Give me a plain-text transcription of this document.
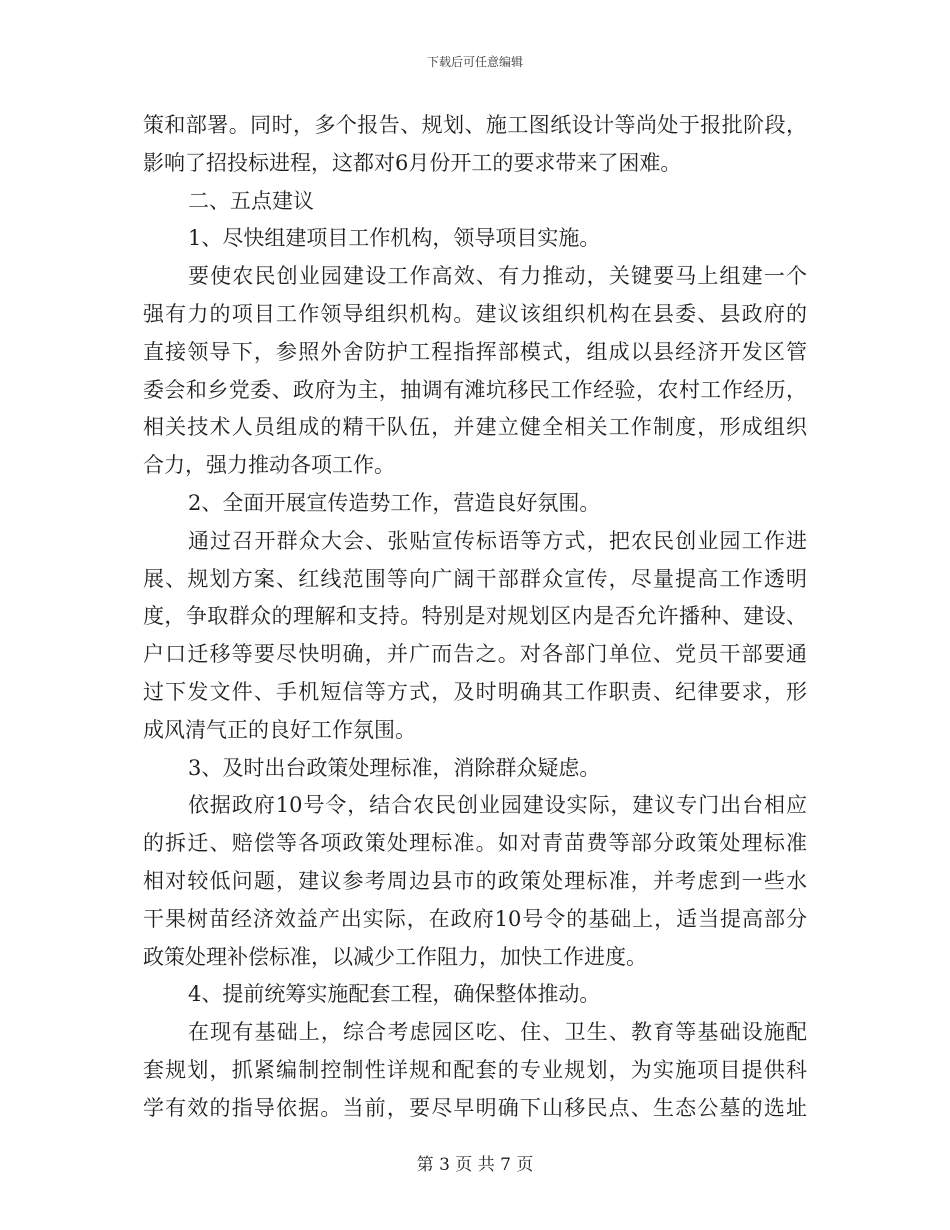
下载后可任意编辑
策和部署。同时，多个报告、规划、施工图纸设计等尚处于报批阶段，
影响了招投标进程，这都对6月份开工的要求带来了困难。
二、五点建议
1、尽快组建项目工作机构，领导项目实施。
要使农民创业园建设工作高效、有力推动，关键要马上组建一个
强有力的项目工作领导组织机构。建议该组织机构在县委、县政府的
直接领导下，参照外舍防护工程指挥部模式，组成以县经济开发区管
委会和乡党委、政府为主，抽调有滩坑移民工作经验，农村工作经历，
相关技术人员组成的精干队伍，并建立健全相关工作制度，形成组织
合力，强力推动各项工作。
2、全面开展宣传造势工作，营造良好氛围。
通过召开群众大会、张贴宣传标语等方式，把农民创业园工作进
展、规划方案、红线范围等向广阔干部群众宣传，尽量提高工作透明
度，争取群众的理解和支持。特别是对规划区内是否允许播种、建设、
户口迁移等要尽快明确，并广而告之。对各部门单位、党员干部要通
过下发文件、手机短信等方式，及时明确其工作职责、纪律要求，形
成风清气正的良好工作氛围。
3、及时出台政策处理标准，消除群众疑虑。
依据政府10号令，结合农民创业园建设实际，建议专门出台相应
的拆迁、赔偿等各项政策处理标准。如对青苗费等部分政策处理标准
相对较低问题，建议参考周边县市的政策处理标准，并考虑到一些水
干果树苗经济效益产出实际，在政府10号令的基础上，适当提高部分
政策处理补偿标准，以减少工作阻力，加快工作进度。
4、提前统筹实施配套工程，确保整体推动。
在现有基础上，综合考虑园区吃、住、卫生、教育等基础设施配
套规划，抓紧编制控制性详规和配套的专业规划，为实施项目提供科
学有效的指导依据。当前，要尽早明确下山移民点、生态公墓的选址
第 3 页 共 7 页
